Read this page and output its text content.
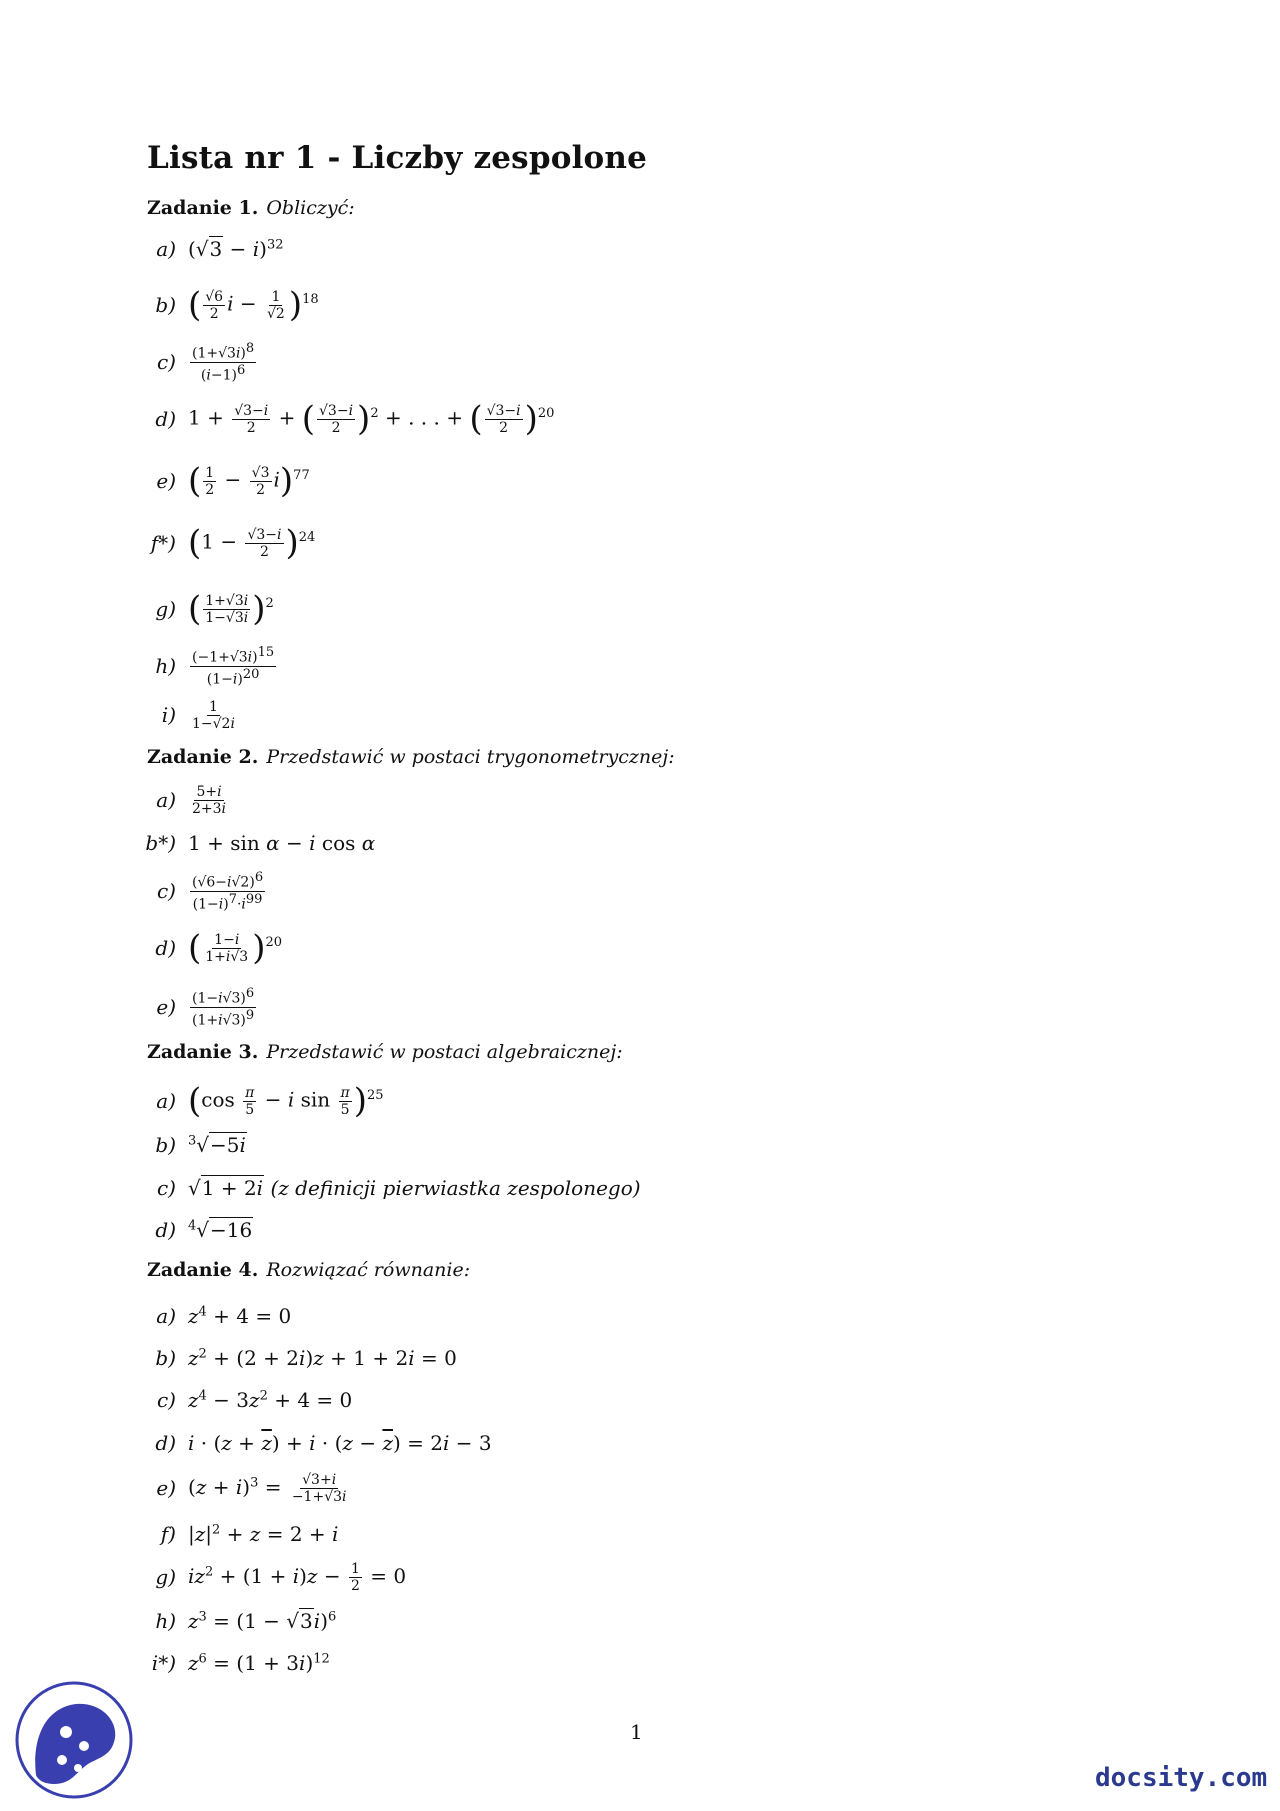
Lista nr 1 - Liczby zespolone
Zadanie 1. Obliczyć:
a) $(√3 - i)^{32}$
b) ( $\frac{√6}{2}$ $i - \frac{1}{√2} )^{18}$
c)	$\frac{(1+√3i)^8}{(i-1)^6}$
d) $1 + \frac{√3-i}{2}$ + ( $\frac{√3-i}{2} )^2$ + . . . + ( $\frac{√3-i}{2} )^{20}$
e) ( $\frac{1}{2} - \frac{√3}{2} i)^{77}$
f*) $(1 - \frac{√3-i}{2} )^{24}$
g) ( $\frac{1+√3i}{1-√3i} )^2$
h)	$\frac{(-1+√3i)^{15}}{(1-i)^{20}}$
i)	$\frac{1}{1-√2i}$
Zadanie 2. Przedstawić w postaci trygonometrycznej:
a)	$\frac{5+i}{2+3i}$
b*) 1 + sin α − i cos α
c)	$\frac{(√6-i√2)^6}{(1-i)^7\cdot i^{99}}$
d) ( $\frac{1-i}{1+i√3} )^{20}$
e)	$\frac{(1-i√3)^6}{(1+i√3)^9}$
Zadanie 3. Przedstawić w postaci algebraicznej:
a) ($\cos \frac{\pi}{5} - i$ $\sin \frac{\pi}{5} )^{25}$
b) $^3$√−5i
c) √1 + 2i (z definicji pierwiastka zespolonego)
d) $^4$√−16
Zadanie 4. Rozwiązać równanie:
a) $z^4 + 4 = 0$
b) $z^2 + (2 + 2i)z + 1 + 2i = 0$
c) $z^4 - 3z^2 + 4 = 0$
d) $i \cdot (z + \overline{z}) + i \cdot (z - \overline{z}) = 2i - 3$
e) $(z + i)^3 = \frac{√3+i}{-1+√3i}$
f) $|z|^2 + z = 2 + i$
g) $iz^2 + (1 + i)z - \frac{1}{2} = 0$
h) $z^3 = (1 - √3i)^6$
i*) $z^6 = (1 + 3i)^{12}$
1
docsity.com
